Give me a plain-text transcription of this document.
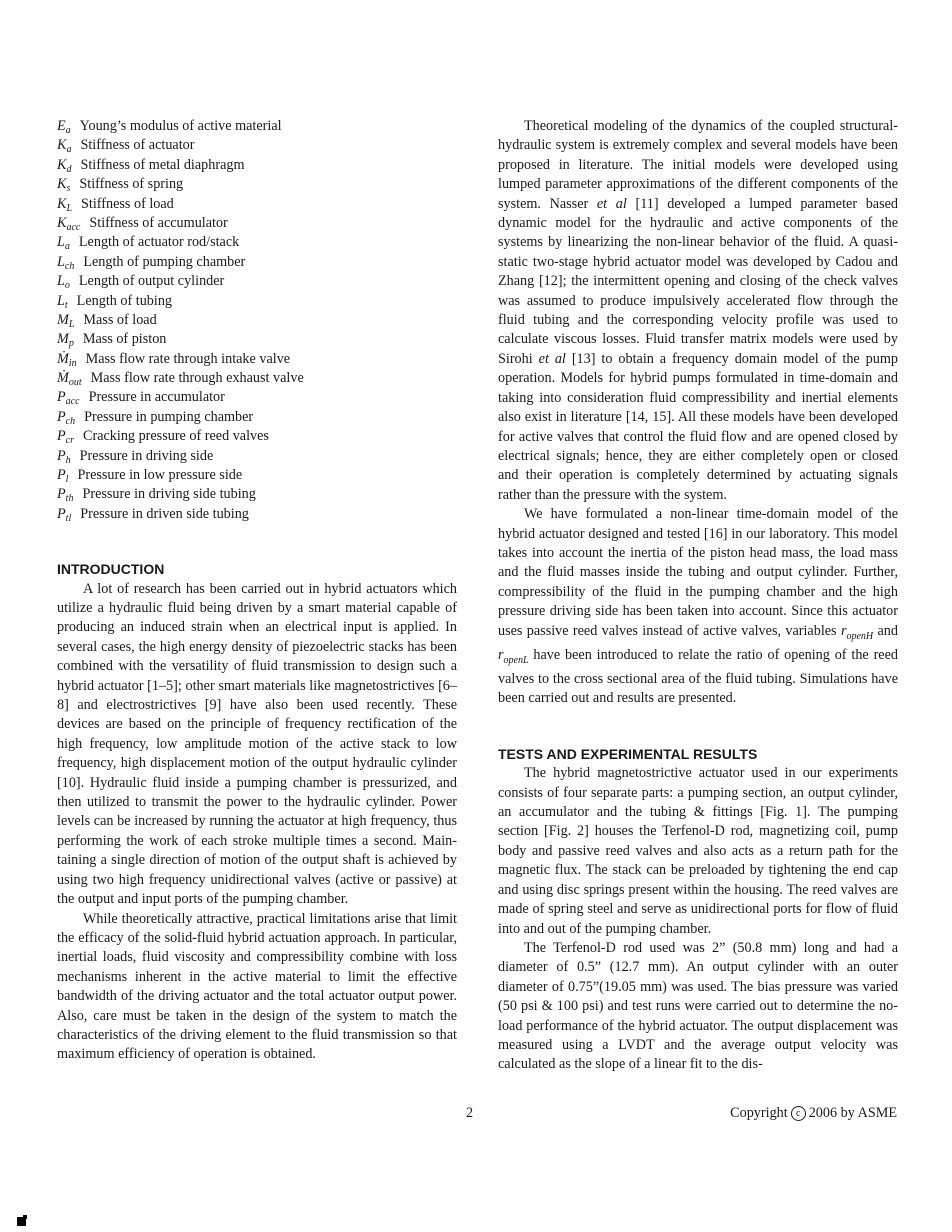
$E_a$ Young’s modulus of active material
$K_a$ Stiffness of actuator
$K_d$ Stiffness of metal diaphragm
$K_s$ Stiffness of spring
$K_L$ Stiffness of load
$K_{acc}$ Stiffness of accumulator
$L_a$ Length of actuator rod/stack
$L_{ch}$ Length of pumping chamber
$L_o$ Length of output cylinder
$L_t$ Length of tubing
$M_L$ Mass of load
$M_p$ Mass of piston
Ṁ$_{in}$ Mass flow rate through intake valve
Ṁ$_{out}$ Mass flow rate through exhaust valve
$P_{acc}$ Pressure in accumulator
$P_{ch}$ Pressure in pumping chamber
$P_{cr}$ Cracking pressure of reed valves
$P_h$ Pressure in driving side
$P_l$ Pressure in low pressure side
$P_{th}$ Pressure in driving side tubing
$P_{tl}$ Pressure in driven side tubing
INTRODUCTION

A lot of research has been carried out in hybrid actuators which utilize a hydraulic fluid being driven by a smart material capable of producing an induced strain when an electrical input is applied. In several cases, the high energy density of piezoelectric stacks has been combined with the versatility of fluid transmission to design such a hybrid actuator [1–5]; other smart materials like magnetostrictives [6–8] and electrostrictives [9] have also been used recently. These devices are based on the principle of frequency rectification of the high frequency, low amplitude motion of the active stack to low frequency, high displacement motion of the output hydraulic cylinder [10]. Hydraulic fluid inside a pumping chamber is pressurized, and then utilized to transmit the power to the hydraulic cylinder. Power levels can be increased by running the actuator at high frequency, thus performing the work of each stroke multiple times a second. Maintaining a single direction of motion of the output shaft is achieved by using two high frequency unidirectional valves (active or passive) at the output and input ports of the pumping chamber.

While theoretically attractive, practical limitations arise that limit the efficacy of the solid-fluid hybrid actuation approach. In particular, inertial loads, fluid viscosity and compressibility combine with loss mechanisms inherent in the active material to limit the effective bandwidth of the driving actuator and the total actuator output power. Also, care must be taken in the design of the system to match the characteristics of the driving element to the fluid transmission so that maximum efficiency of operation is obtained.

Theoretical modeling of the dynamics of the coupled structural-hydraulic system is extremely complex and several models have been proposed in literature. The initial models were developed using lumped parameter approximations of the different components of the system. Nasser et al [11] developed a lumped parameter based dynamic model for the hydraulic and active components of the systems by linearizing the non-linear behavior of the fluid. A quasi-static two-stage hybrid actuator model was developed by Cadou and Zhang [12]; the intermittent opening and closing of the check valves was assumed to produce impulsively accelerated flow through the fluid tubing and the corresponding velocity profile was used to calculate viscous losses. Fluid transfer matrix models were used by Sirohi et al [13] to obtain a frequency domain model of the pump operation. Models for hybrid pumps formulated in time-domain and taking into consideration fluid compressibility and inertial elements also exist in literature [14, 15]. All these models have been developed for active valves that control the fluid flow and are opened closed by electrical signals; hence, they are either completely open or closed and their operation is completely determined by actuating signals rather than the pressure with the system.

We have formulated a non-linear time-domain model of the hybrid actuator designed and tested [16] in our laboratory. This model takes into account the inertia of the piston head mass, the load mass and the fluid masses inside the tubing and output cylinder. Further, compressibility of the fluid in the pumping chamber and the high pressure driving side has been taken into account. Since this actuator uses passive reed valves instead of active valves, variables $r_{openH}$ and $r_{openL}$ have been introduced to relate the ratio of opening of the reed valves to the cross sectional area of the fluid tubing. Simulations have been carried out and results are presented.

TESTS AND EXPERIMENTAL RESULTS

The hybrid magnetostrictive actuator used in our experiments consists of four separate parts: a pumping section, an output cylinder, an accumulator and the tubing & fittings [Fig. 1]. The pumping section [Fig. 2] houses the Terfenol-D rod, magnetizing coil, pump body and passive reed valves and also acts as a return path for the magnetic flux. The stack can be preloaded by tightening the end cap and using disc springs present within the housing. The reed valves are made of spring steel and serve as unidirectional ports for flow of fluid into and out of the pumping chamber.

The Terfenol-D rod used was 2” (50.8 mm) long and had a diameter of 0.5” (12.7 mm). An output cylinder with an outer diameter of 0.75”(19.05 mm) was used. The bias pressure was varied (50 psi & 100 psi) and test runs were carried out to determine the no-load performance of the hybrid actuator. The output displacement was measured using a LVDT and the average output velocity was calculated as the slope of a linear fit to the dis-

2	Copyright c 2006 by ASME
